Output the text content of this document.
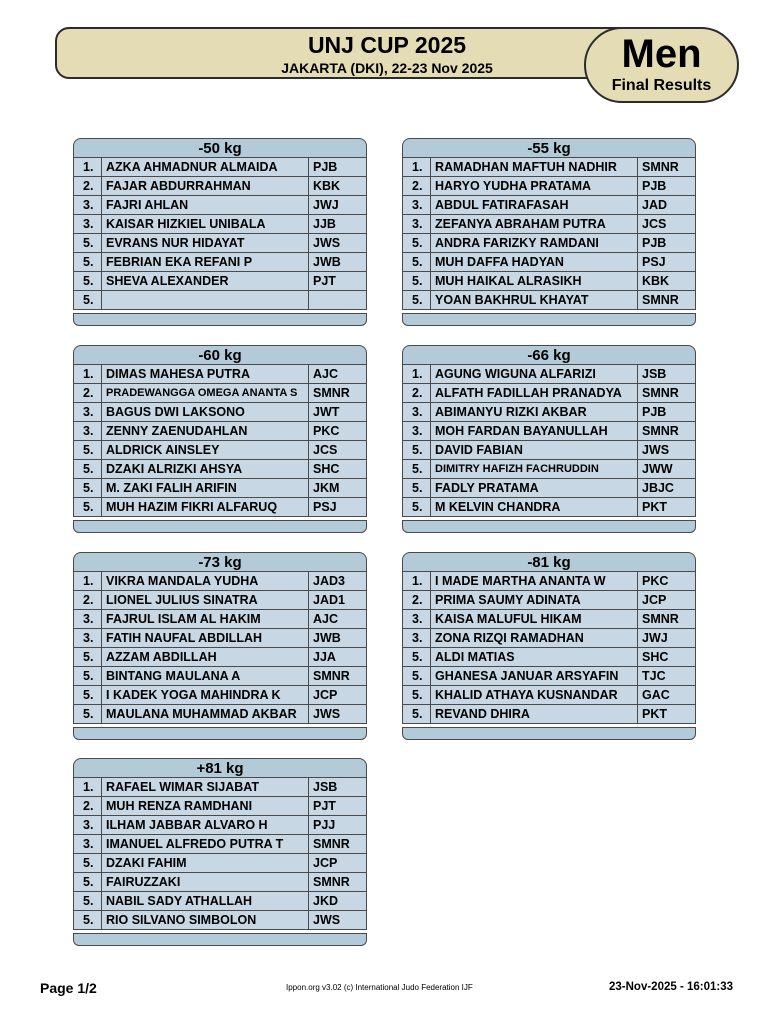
UNJ CUP 2025
JAKARTA (DKI), 22-23 Nov 2025	Men
Final Results
-50 kg
1.	AZKA AHMADNUR ALMAIDA	PJB
2.	FAJAR ABDURRAHMAN	KBK
3.	FAJRI AHLAN	JWJ
3.	KAISAR HIZKIEL UNIBALA	JJB
5.	EVRANS NUR HIDAYAT	JWS
5.	FEBRIAN EKA REFANI P	JWB
5.	SHEVA ALEXANDER	PJT
5.
-55 kg
1.	RAMADHAN MAFTUH NADHIR	SMNR
2.	HARYO YUDHA PRATAMA	PJB
3.	ABDUL FATIRAFASAH	JAD
3.	ZEFANYA ABRAHAM PUTRA	JCS
5.	ANDRA FARIZKY RAMDANI	PJB
5.	MUH DAFFA HADYAN	PSJ
5.	MUH HAIKAL ALRASIKH	KBK
5.	YOAN BAKHRUL KHAYAT	SMNR
-60 kg
1.	DIMAS MAHESA PUTRA	AJC
2.	PRADEWANGGA OMEGA ANANTA S	SMNR
3.	BAGUS DWI LAKSONO	JWT
3.	ZENNY ZAENUDAHLAN	PKC
5.	ALDRICK AINSLEY	JCS
5.	DZAKI ALRIZKI AHSYA	SHC
5.	M. ZAKI FALIH ARIFIN	JKM
5.	MUH HAZIM FIKRI ALFARUQ	PSJ
-66 kg
1.	AGUNG WIGUNA ALFARIZI	JSB
2.	ALFATH FADILLAH PRANADYA	SMNR
3.	ABIMANYU RIZKI AKBAR	PJB
3.	MOH FARDAN BAYANULLAH	SMNR
5.	DAVID FABIAN	JWS
5.	DIMITRY HAFIZH FACHRUDDIN	JWW
5.	FADLY PRATAMA	JBJC
5.	M KELVIN CHANDRA	PKT
-73 kg
1.	VIKRA MANDALA YUDHA	JAD3
2.	LIONEL JULIUS SINATRA	JAD1
3.	FAJRUL ISLAM AL HAKIM	AJC
3.	FATIH NAUFAL ABDILLAH	JWB
5.	AZZAM ABDILLAH	JJA
5.	BINTANG MAULANA A	SMNR
5.	I KADEK YOGA MAHINDRA K	JCP
5.	MAULANA MUHAMMAD AKBAR	JWS
-81 kg
1.	I MADE MARTHA ANANTA W	PKC
2.	PRIMA SAUMY ADINATA	JCP
3.	KAISA MALUFUL HIKAM	SMNR
3.	ZONA RIZQI RAMADHAN	JWJ
5.	ALDI MATIAS	SHC
5.	GHANESA JANUAR ARSYAFIN	TJC
5.	KHALID ATHAYA KUSNANDAR	GAC
5.	REVAND DHIRA	PKT
+81 kg
1.	RAFAEL WIMAR SIJABAT	JSB
2.	MUH RENZA RAMDHANI	PJT
3.	ILHAM JABBAR ALVARO H	PJJ
3.	IMANUEL ALFREDO PUTRA T	SMNR
5.	DZAKI FAHIM	JCP
5.	FAIRUZZAKI	SMNR
5.	NABIL SADY ATHALLAH	JKD
5.	RIO SILVANO SIMBOLON	JWS
Page 1/2	Ippon.org v3.02 (c) International Judo Federation IJF	23-Nov-2025 - 16:01:33
